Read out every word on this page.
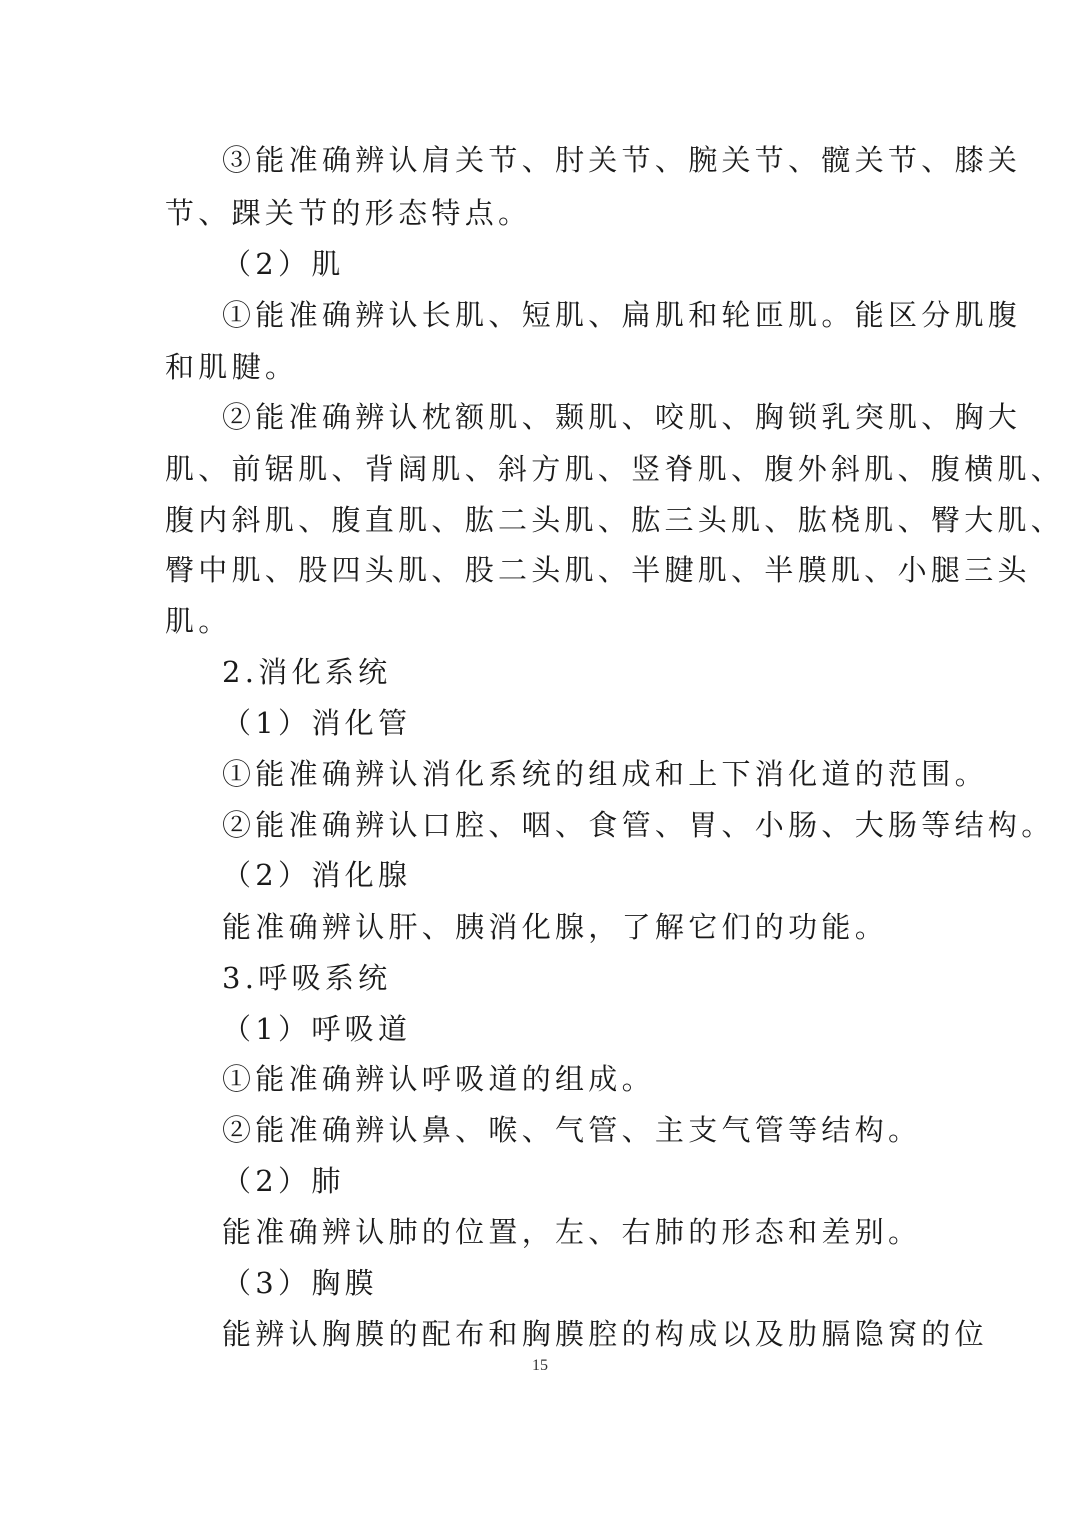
③能准确辨认肩关节、肘关节、腕关节、髋关节、膝关
节、踝关节的形态特点。
（2）肌
①能准确辨认长肌、短肌、扁肌和轮匝肌。能区分肌腹
和肌腱。
②能准确辨认枕额肌、颞肌、咬肌、胸锁乳突肌、胸大
肌、前锯肌、背阔肌、斜方肌、竖脊肌、腹外斜肌、腹横肌、
腹内斜肌、腹直肌、肱二头肌、肱三头肌、肱桡肌、臀大肌、
臀中肌、股四头肌、股二头肌、半腱肌、半膜肌、小腿三头
肌。
2.消化系统
（1）消化管
①能准确辨认消化系统的组成和上下消化道的范围。
②能准确辨认口腔、咽、食管、胃、小肠、大肠等结构。
（2）消化腺
能准确辨认肝、胰消化腺，了解它们的功能。
3.呼吸系统
（1）呼吸道
①能准确辨认呼吸道的组成。
②能准确辨认鼻、喉、气管、主支气管等结构。
（2）肺
能准确辨认肺的位置，左、右肺的形态和差别。
（3）胸膜
能辨认胸膜的配布和胸膜腔的构成以及肋膈隐窝的位
15
